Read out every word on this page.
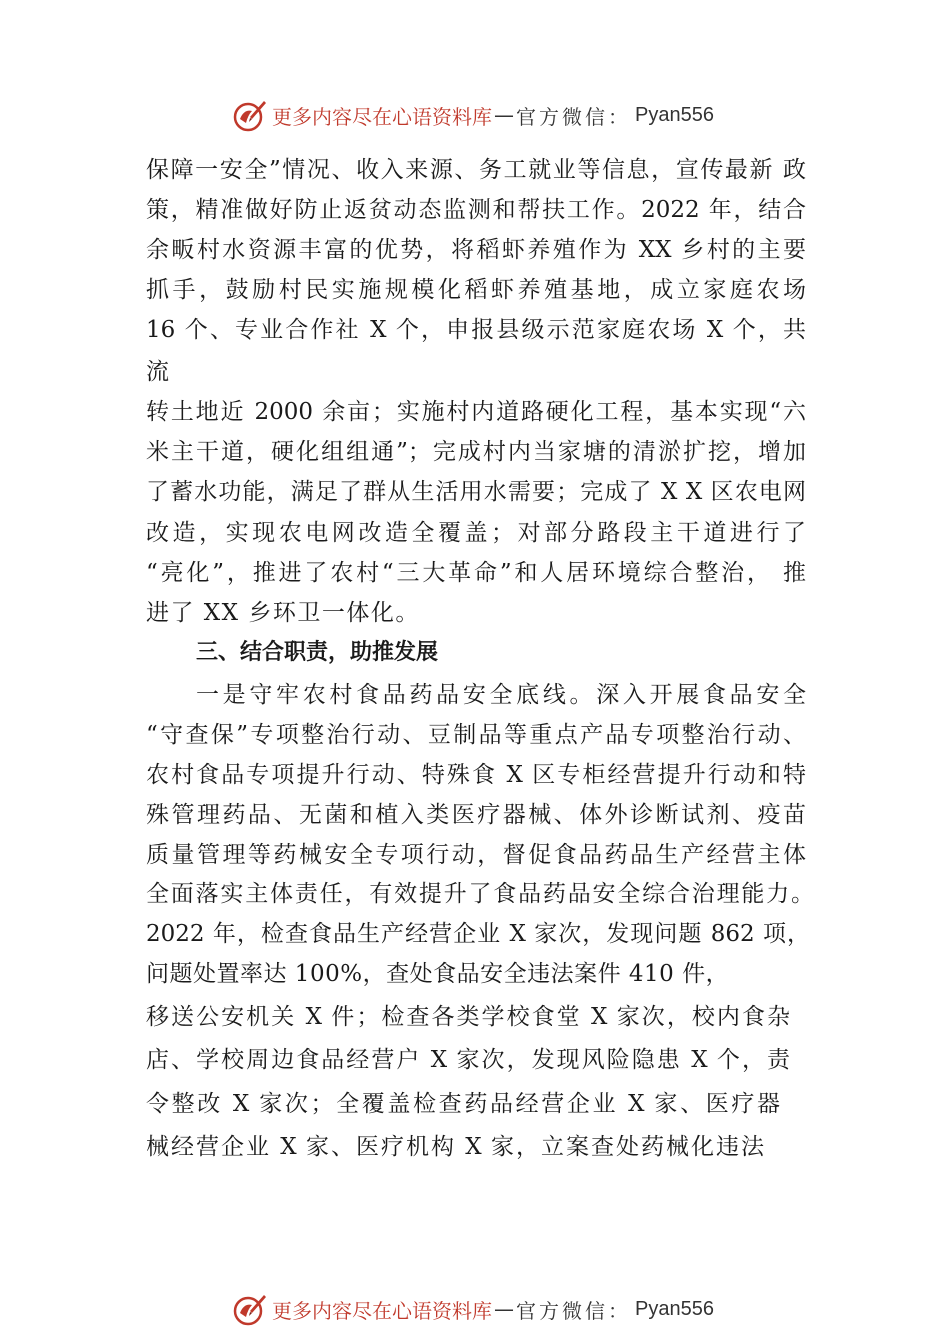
更多内容尽在心语资料库 — 官方微信： Pyan556
保障一安全”情况、收入来源、务工就业等信息，宣传最新 政
策，精准做好防止返贫动态监测和帮扶工作。2022 年，结合
余畈村水资源丰富的优势，将稻虾养殖作为 XX 乡村的主要
抓手，鼓励村民实施规模化稻虾养殖基地，成立家庭农场
16 个、专业合作社 X 个，申报县级示范家庭农场 X 个，共
流
转土地近 2000 余亩；实施村内道路硬化工程，基本实现“六
米主干道，硬化组组通”；完成村内当家塘的清淤扩挖，增加
了蓄水功能，满足了群从生活用水需要；完成了 X X 区农电网
改造，实现农电网改造全覆盖；对部分路段主干道进行了
“亮化”，推进了农村“三大革命”和人居环境综合整治， 推
进了 XX 乡环卫一体化。
三、结合职责，助推发展
一是守牢农村食品药品安全底线。深入开展食品安全
“守查保”专项整治行动、豆制品等重点产品专项整治行动、
农村食品专项提升行动、特殊食 X 区专柜经营提升行动和特
殊管理药品、无菌和植入类医疗器械、体外诊断试剂、疫苗
质量管理等药械安全专项行动，督促食品药品生产经营主体
全面落实主体责任，有效提升了食品药品安全综合治理能力。
2022 年，检查食品生产经营企业 X 家次，发现问题 862 项，
问题处置率达 100%，查处食品安全违法案件 410 件，
移送公安机关 X 件；检查各类学校食堂 X 家次，校内食杂
店、学校周边食品经营户 X 家次，发现风险隐患 X 个，责
令整改 X 家次；全覆盖检查药品经营企业 X 家、医疗器
械经营企业 X 家、医疗机构 X 家，立案查处药械化违法
更多内容尽在心语资料库 — 官方微信： Pyan556
